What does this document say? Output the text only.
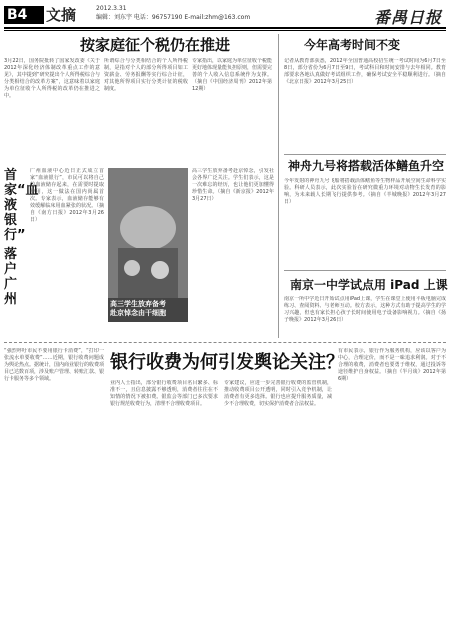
B4	文摘	2012.3.31
编辑：刘东宇 电话：96757190 E-mail:zhm@163.com	番禺日报
按家庭征个税仍在推进
3月22日，国务院批转了国家发改委《关于2012年深化经济体制改革重点工作的意见》，其中提到“研究提出个人所得税综合与分类相结合的改革方案”，这意味着以家庭为单位征收个人所得税的改革仍在推进之中。
所谓综合与分类相结合的个人所得税制，是指对个人的部分所得项目如工资薪金、劳务报酬等实行综合计征，对其他所得项目实行分类计征的税收制度。
专家指出，以家庭为单位征收个税能更好地体现量能负担原则，但需要完善的个人收入信息系统作为支撑。（摘自《中国经济周刊》2012年第12期）
今年高考时间不变
记者从教育部获悉，2012年全国普通高校招生统一考试时间为6月7日至8日，部分省份为6月7日至9日，考试科目和时间安排与去年相同。教育部要求各地认真做好考试组织工作，确保考试安全平稳顺利进行。（摘自《北京日报》2012年3月25日）
神舟九号将搭载活体鳝鱼升空
今年发射的神舟九号飞船将搭载活体鳝鱼等生物样品开展空间生命科学实验。科研人员表示，此次实验旨在研究微重力环境对动物生长发育的影响，为未来载人长期飞行提供参考。（摘自《羊城晚报》2012年3月27日）
南京一中学试点用 iPad 上课
南京一所中学近日开始试点用iPad上课，学生在课堂上使用平板电脑完成练习、查阅资料、与老师互动。校方表示，这种方式有助于提高学生的学习兴趣，但也有家长担心孩子长时间使用电子设备影响视力。（摘自《扬子晚报》2012年3月26日）
首家“血液银行”
落户广州
广州血液中心近日正式成立首家“血液银行”，市民可以将自己的血液储存起来，在需要时提取使用，这一做法在国内尚属首次。专家表示，血液储存能够有效缓解临床用血紧张的状况。（摘自《南方日报》2012年3月26日）
高三学生放弃备考
赴京悼念由干细胞
高三学生放弃备考赴京悼念，引发社会各界广泛关注。学生们表示，这是一次难忘的经历，也让他们更加懂得珍惜生命。（摘自《新京报》2012年3月27日）
银行收费为何引发舆论关注？
“强烈呼吁市民不要用银行卡消费”，“打印一张流水单要收费”……近期，银行收费问题成为舆论热点。据统计，国内商业银行的收费项目已达数百项，涉及账户管理、转账汇款、银行卡服务等多个领域。
业内人士指出，部分银行收费项目名目繁多、标准不一，且信息披露不够透明，消费者往往在不知情的情况下被扣费。银监会等部门已多次要求银行规范收费行为，清理不合理收费项目。
专家建议，应进一步完善银行收费的监管机制，推动收费项目公开透明，同时引入竞争机制，让消费者有更多选择。银行也应提升服务质量，减少不合理收费，切实保护消费者合法权益。
有市民表示，银行作为服务机构，应该以客户为中心，合理定价，而不是一味追求利润。对于不合理的收费，消费者也要勇于维权，通过投诉等途径维护自身权益。（摘自《半月谈》2012年第6期）
